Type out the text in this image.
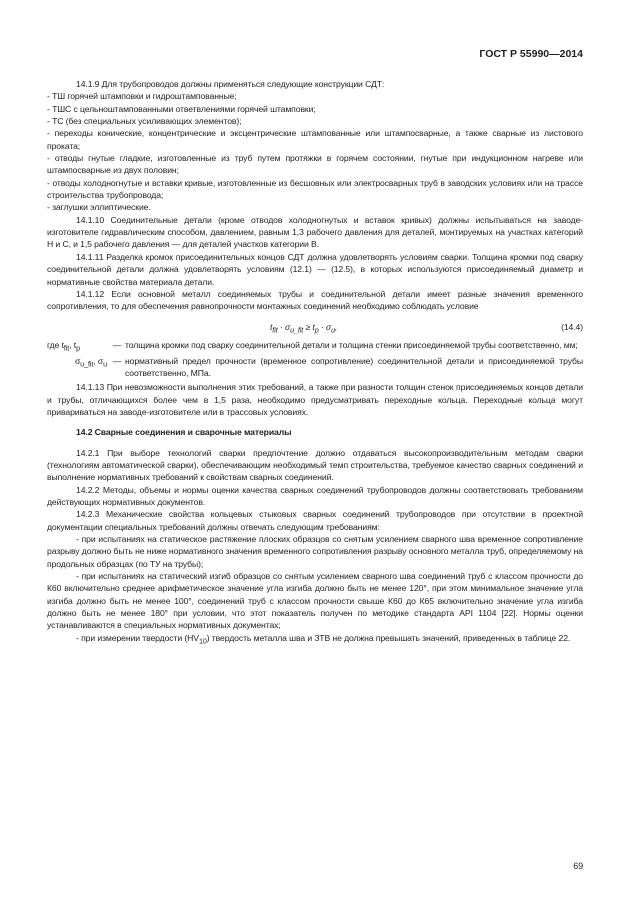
ГОСТ Р 55990—2014

14.1.9 Для трубопроводов должны применяться следующие конструкции СДТ:

- ТШ горячей штамповки и гидроштампованные;

- ТШС с цельноштампованными ответвлениями горячей штамповки;

- ТС (без специальных усиливающих элементов);

- переходы конические, концентрические и эксцентрические штампованные или штампосварные, а также сварные из листового проката;

- отводы гнутые гладкие, изготовленные из труб путем протяжки в горячем состоянии, гнутые при индукционном нагреве или штампосварные из двух половин;

- отводы холодногнутые и вставки кривые, изготовленные из бесшовных или электросварных труб в заводских условиях или на трассе строительства трубопровода;

- заглушки эллиптические.

14.1.10 Соединительные детали (кроме отводов холодногнутых и вставок кривых) должны испытываться на заводе-изготовителе гидравлическим способом, давлением, равным 1,3 рабочего давления для деталей, монтируемых на участках категорий Н и С, и 1,5 рабочего давления — для деталей участков категории В.

14.1.11 Разделка кромок присоединительных концов СДТ должна удовлетворять условиям сварки. Толщина кромки под сварку соединительной детали должна удовлетворять условиям (12.1) — (12.5), в которых используются присоединяемый диаметр и нормативные свойства материала детали.

14.1.12 Если основной металл соединяемых трубы и соединительной детали имеет разные значения временного сопротивления, то для обеспечения равнопрочности монтажных соединений необходимо соблюдать условие

$t_{fit} \cdot \sigma_{u\_fit} \ge t_p \cdot \sigma_u$,	(14.4)
где $t_{fit}$, $t_p$	— толщина кромки под сварку соединительной детали и толщина стенки присоединяемой трубы соответственно, мм;
$\sigma_{u\_fit}$, $\sigma_u$ — нормативный предел прочности (временное сопротивление) соединительной детали и присоединяемой трубы соответственно, МПа.

14.1.13 При невозможности выполнения этих требований, а также при разности толщин стенок присоединяемых концов детали и трубы, отличающихся более чем в 1,5 раза, необходимо предусматривать переходные кольца. Переходные кольца могут привариваться на заводе-изготовителе или в трассовых условиях.

14.2 Сварные соединения и сварочные материалы

14.2.1 При выборе технологий сварки предпочтение должно отдаваться высокопроизводительным методам сварки (технологиям автоматической сварки), обеспечивающим необходимый темп строительства, требуемое качество сварных соединений и выполнение нормативных требований к свойствам сварных соединений.

14.2.2 Методы, объемы и нормы оценки качества сварных соединений трубопроводов должны соответствовать требованиям действующих нормативных документов.

14.2.3 Механические свойства кольцевых стыковых сварных соединений трубопроводов при отсутствии в проектной документации специальных требований должны отвечать следующим требованиям:

- при испытаниях на статическое растяжение плоских образцов со снятым усилением сварного шва временное сопротивление разрыву должно быть не ниже нормативного значения временного сопротивления разрыву основного металла труб, определяемому на продольных образцах (по ТУ на трубы);

- при испытаниях на статический изгиб образцов со снятым усилением сварного шва соединений труб с классом прочности до К60 включительно среднее арифметическое значение угла изгиба должно быть не менее 120°, при этом минимальное значение угла изгиба должно быть не менее 100°, соединений труб с классом прочности свыше К60 до К65 включительно значение угла изгиба должно быть не менее 180° при условии, что этот показатель получен по методике стандарта API 1104 [22]. Нормы оценки устанавливаются в специальных нормативных документах;

- при измерении твердости $(HV_{10})$ твердость металла шва и ЗТВ не должна превышать значений, приведенных в таблице 22.

69
